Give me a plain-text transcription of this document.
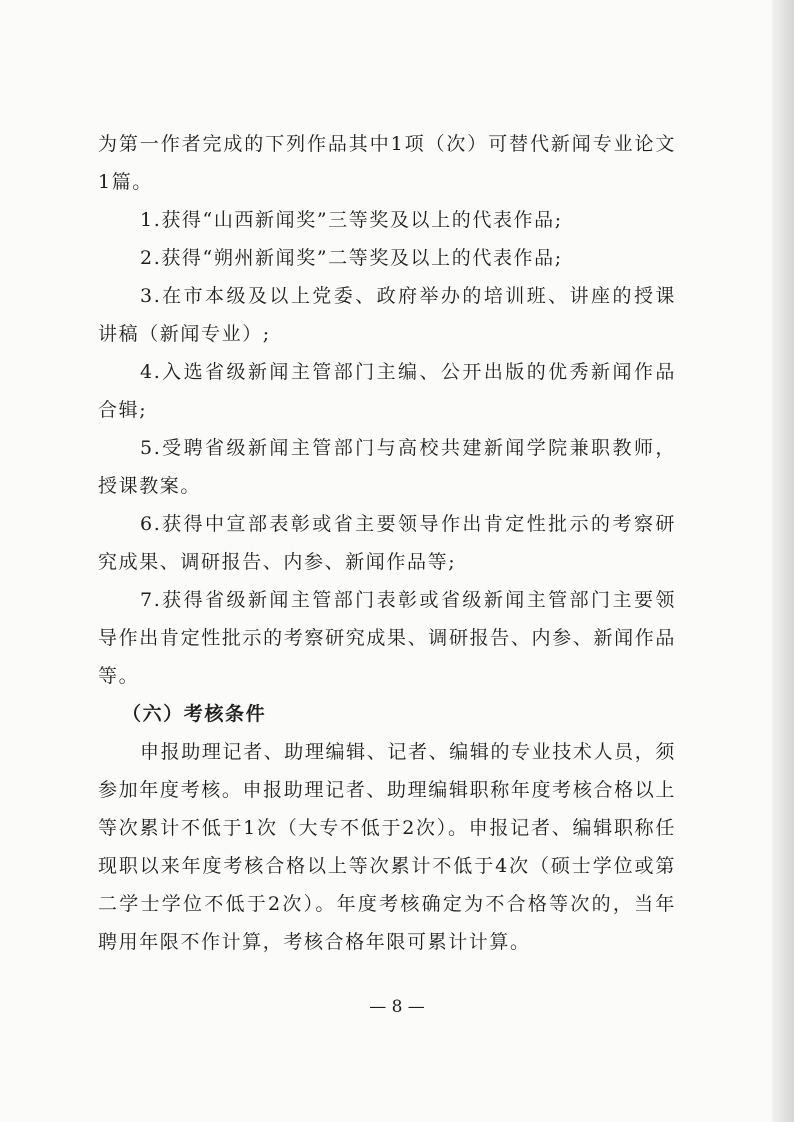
为第一作者完成的下列作品其中1项（次）可替代新闻专业论文1篇。

1.获得“山西新闻奖”三等奖及以上的代表作品;

2.获得“朔州新闻奖”二等奖及以上的代表作品;

3.在市本级及以上党委、政府举办的培训班、讲座的授课讲稿（新闻专业）;

4.入选省级新闻主管部门主编、公开出版的优秀新闻作品合辑;

5.受聘省级新闻主管部门与高校共建新闻学院兼职教师，授课教案。

6.获得中宣部表彰或省主要领导作出肯定性批示的考察研究成果、调研报告、内参、新闻作品等;

7.获得省级新闻主管部门表彰或省级新闻主管部门主要领导作出肯定性批示的考察研究成果、调研报告、内参、新闻作品等。

（六）考核条件

申报助理记者、助理编辑、记者、编辑的专业技术人员，须参加年度考核。申报助理记者、助理编辑职称年度考核合格以上等次累计不低于1次（大专不低于2次）。申报记者、编辑职称任现职以来年度考核合格以上等次累计不低于4次（硕士学位或第二学士学位不低于2次）。年度考核确定为不合格等次的，当年聘用年限不作计算，考核合格年限可累计计算。

— 8 —
